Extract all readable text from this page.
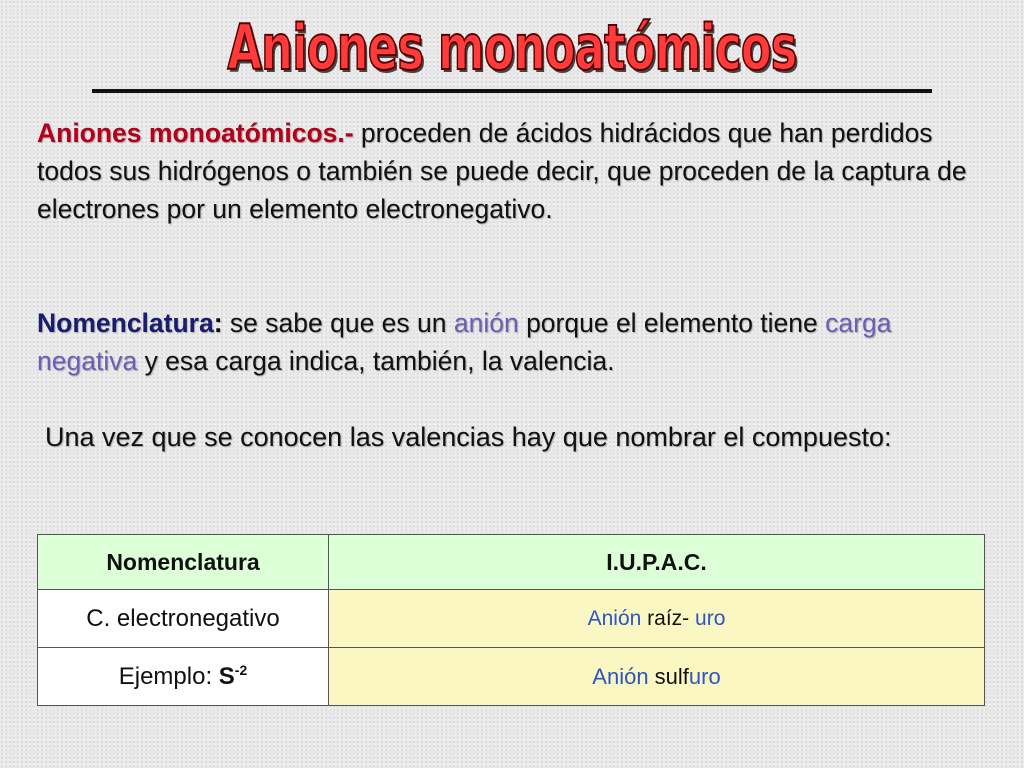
Aniones monoatómicos
Aniones monoatómicos.- proceden de ácidos hidrácidos que han perdidos todos sus hidrógenos o también se puede decir, que proceden de la captura de electrones por un elemento electronegativo.
Nomenclatura: se sabe que es un anión porque el elemento tiene carga negativa y esa carga indica, también, la valencia.
Una vez que se conocen las valencias hay que nombrar el compuesto:
Nomenclatura	I.U.P.A.C.
C. electronegativo	Anión raíz- uro
Ejemplo: $S^{-2}$	Anión sulfuro
